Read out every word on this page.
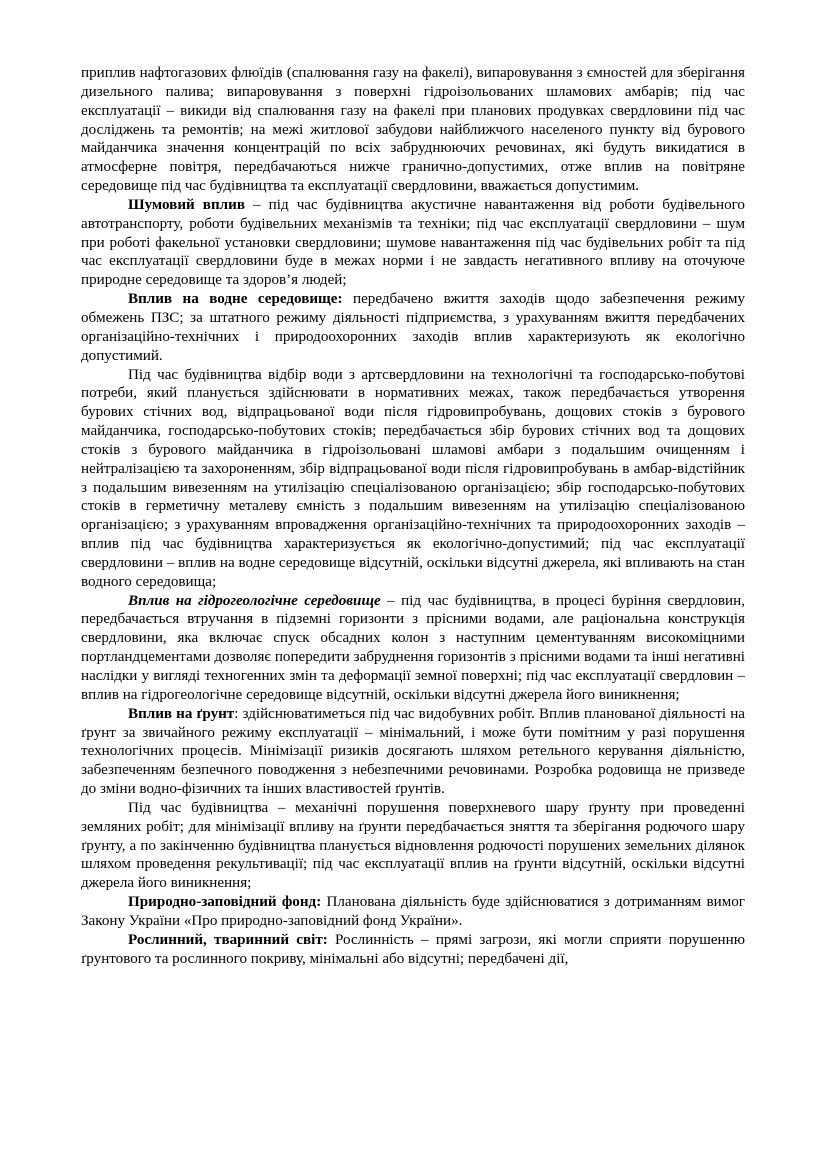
приплив нафтогазових флюїдів (спалювання газу на факелі), випаровування з ємностей для зберігання дизельного палива; випаровування з поверхні гідроізольованих шламових амбарів; під час експлуатації – викиди від спалювання газу на факелі при планових продувках свердловини під час досліджень та ремонтів; на межі житлової забудови найближчого населеного пункту від бурового майданчика значення концентрацій по всіх забруднюючих речовинах, які будуть викидатися в атмосферне повітря, передбачаються нижче гранично-допустимих, отже вплив на повітряне середовище під час будівництва та експлуатації свердловини, вважається допустимим.

Шумовий вплив – під час будівництва акустичне навантаження від роботи будівельного автотранспорту, роботи будівельних механізмів та техніки; під час експлуатації свердловини – шум при роботі факельної установки свердловини; шумове навантаження під час будівельних робіт та під час експлуатації свердловини буде в межах норми і не завдасть негативного впливу на оточуюче природне середовище та здоров’я людей;

Вплив на водне середовище: передбачено вжиття заходів щодо забезпечення режиму обмежень ПЗС; за штатного режиму діяльності підприємства, з урахуванням вжиття передбачених організаційно-технічних і природоохоронних заходів вплив характеризують як екологічно допустимий.

Під час будівництва відбір води з артсвердловини на технологічні та господарсько-побутові потреби, який планується здійснювати в нормативних межах, також передбачається утворення бурових стічних вод, відпрацьованої води після гідровипробувань, дощових стоків з бурового майданчика, господарсько-побутових стоків; передбачається збір бурових стічних вод та дощових стоків з бурового майданчика в гідроізольовані шламові амбари з подальшим очищенням і нейтралізацією та захороненням, збір відпрацьованої води після гідровипробувань в амбар-відстійник з подальшим вивезенням на утилізацію спеціалізованою організацією; збір господарсько-побутових стоків в герметичну металеву ємність з подальшим вивезенням на утилізацію спеціалізованою організацією; з урахуванням впровадження організаційно-технічних та природоохоронних заходів – вплив під час будівництва характеризується як екологічно-допустимий; під час експлуатації свердловини – вплив на водне середовище відсутній, оскільки відсутні джерела, які впливають на стан водного середовища;

Вплив на гідрогеологічне середовище – під час будівництва, в процесі буріння свердловин, передбачається втручання в підземні горизонти з прісними водами, але раціональна конструкція свердловини, яка включає спуск обсадних колон з наступним цементуванням високоміцними портландцементами дозволяє попередити забруднення горизонтів з прісними водами та інші негативні наслідки у вигляді техногенних змін та деформації земної поверхні; під час експлуатації свердловин – вплив на гідрогеологічне середовище відсутній, оскільки відсутні джерела його виникнення;

Вплив на ґрунт: здійснюватиметься під час видобувних робіт. Вплив планованої діяльності на ґрунт за звичайного режиму експлуатації – мінімальний, і може бути помітним у разі порушення технологічних процесів. Мінімізації ризиків досягають шляхом ретельного керування діяльністю, забезпеченням безпечного поводження з небезпечними речовинами. Розробка родовища не призведе до зміни водно-фізичних та інших властивостей ґрунтів.

Під час будівництва – механічні порушення поверхневого шару ґрунту при проведенні земляних робіт; для мінімізації впливу на ґрунти передбачається зняття та зберігання родючого шару ґрунту, а по закінченню будівництва планується відновлення родючості порушених земельних ділянок шляхом проведення рекультивації; під час експлуатації вплив на ґрунти відсутній, оскільки відсутні джерела його виникнення;

Природно-заповідний фонд: Планована діяльність буде здійснюватися з дотриманням вимог Закону України «Про природно-заповідний фонд України».

Рослинний, тваринний світ: Рослинність – прямі загрози, які могли сприяти порушенню ґрунтового та рослинного покриву, мінімальні або відсутні; передбачені дії,
